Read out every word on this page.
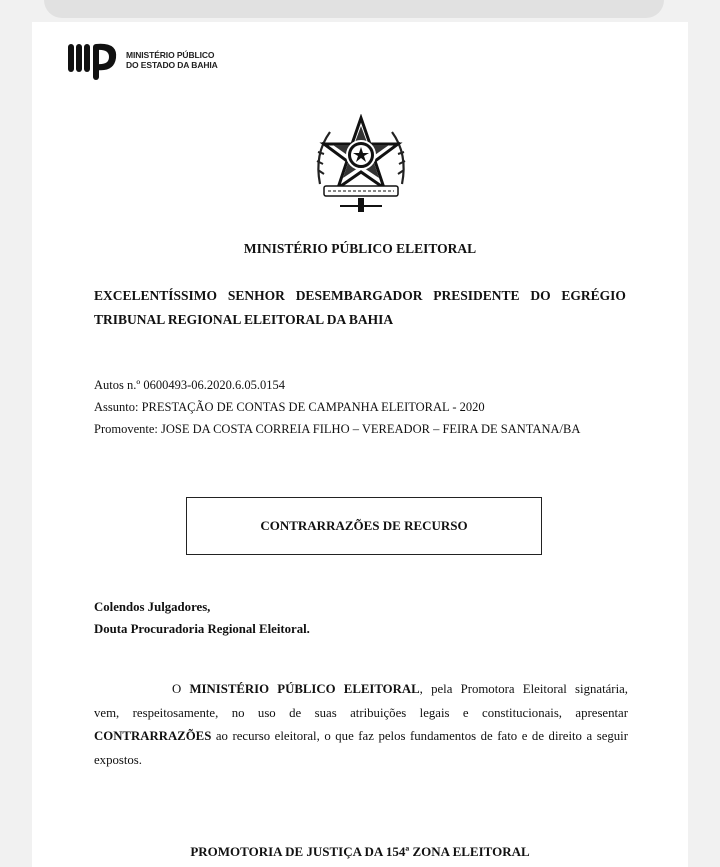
MINISTÉRIO PÚBLICO
DO ESTADO DA BAHIA
MINISTÉRIO PÚBLICO ELEITORAL
EXCELENTÍSSIMO SENHOR DESEMBARGADOR PRESIDENTE DO EGRÉGIO
TRIBUNAL REGIONAL ELEITORAL DA BAHIA
Autos n.º 0600493-06.2020.6.05.0154
Assunto: PRESTAÇÃO DE CONTAS DE CAMPANHA ELEITORAL - 2020
Promovente: JOSE DA COSTA CORREIA FILHO – VEREADOR – FEIRA DE SANTANA/BA
CONTRARRAZÕES DE RECURSO
Colendos Julgadores,
Douta Procuradoria Regional Eleitoral.
O MINISTÉRIO PÚBLICO ELEITORAL, pela Promotora Eleitoral signatária,
vem, respeitosamente, no uso de suas atribuições legais e constitucionais, apresentar
CONTRARRAZÕES ao recurso eleitoral, o que faz pelos fundamentos de fato e de direito a seguir
expostos.
PROMOTORIA DE JUSTIÇA DA 154ª ZONA ELEITORAL
